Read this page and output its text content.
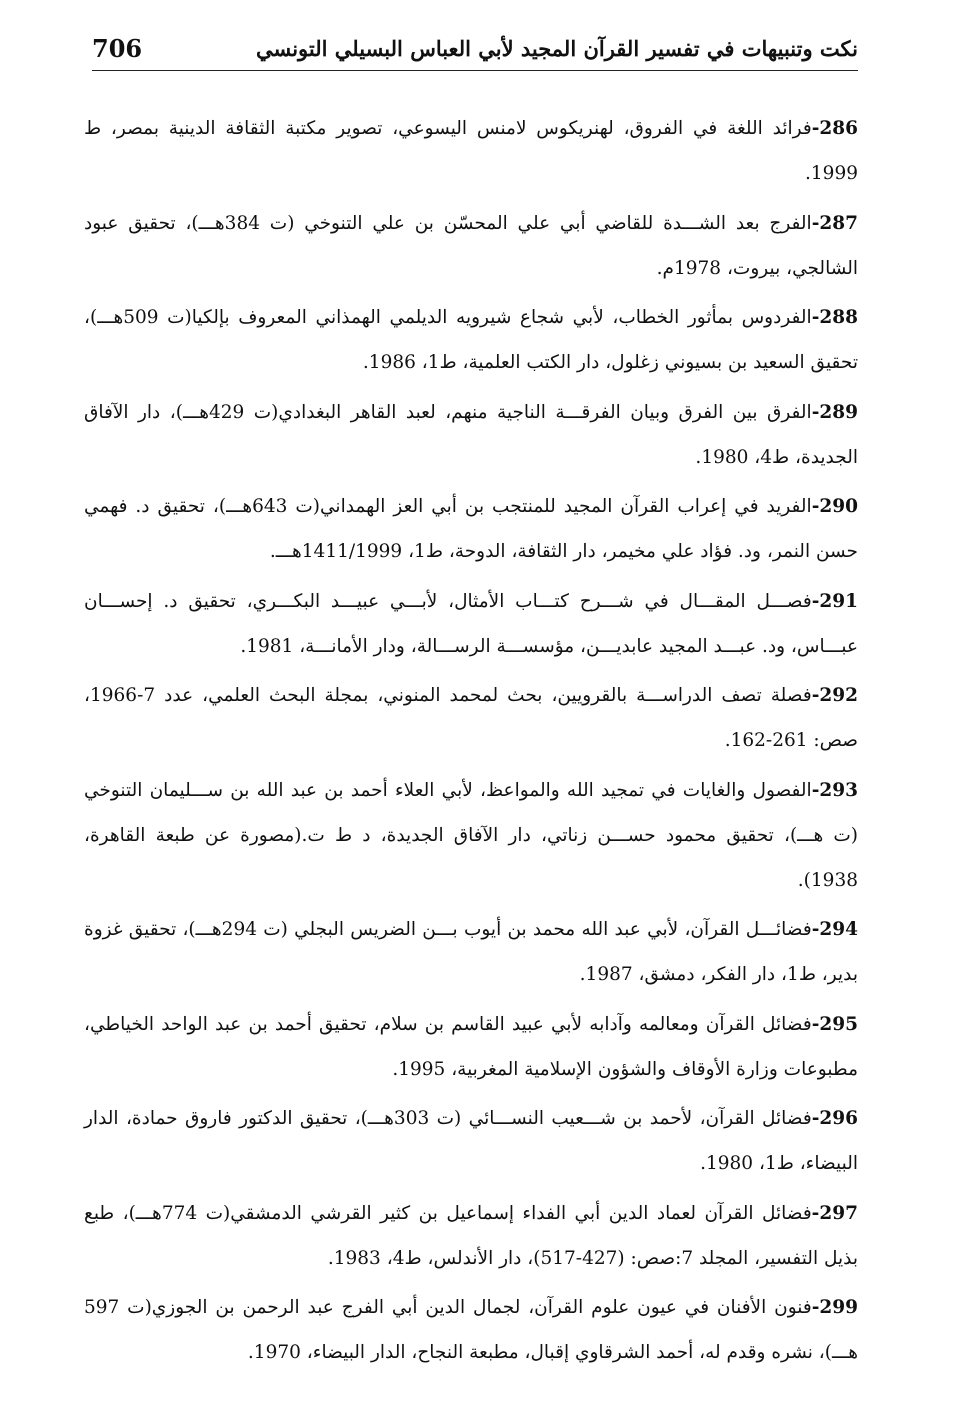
706	نكت وتنبيهات في تفسير القرآن المجيد لأبي العباس البسيلي التونسي

286-فرائد اللغة في الفروق، لهنريكوس لامنس اليسوعي، تصوير مكتبة الثقافة الدينية بمصر، ط 1999.

287-الفرج بعد الشـــدة للقاضي أبي علي المحسّن بن علي التنوخي (ت 384هـــ)، تحقيق عبود الشالجي، بيروت، 1978م.

288-الفردوس بمأثور الخطاب، لأبي شجاع شيرويه الديلمي الهمذاني المعروف بإلكيا(ت 509هـــ)، تحقيق السعيد بن بسيوني زغلول، دار الكتب العلمية، ط1، 1986.

289-الفرق بين الفرق وبيان الفرقـــة الناجية منهم، لعبد القاهر البغدادي(ت 429هـــ)، دار الآفاق الجديدة، ط4، 1980.

290-الفريد في إعراب القرآن المجيد للمنتجب بن أبي العز الهمداني(ت 643هـــ)، تحقيق د. فهمي حسن النمر، ود. فؤاد علي مخيمر، دار الثقافة، الدوحة، ط1، 1411/1999هـــ.

291-فصـــل المقـــال في شـــرح كتـــاب الأمثال، لأبـــي عبيـــد البكـــري، تحقيق د. إحســـان عبـــاس، ود. عبـــد المجيد عابديـــن، مؤسســـة الرســـالة، ودار الأمانـــة، 1981.

292-فصلة تصف الدراســـة بالقرويين، بحث لمحمد المنوني، بمجلة البحث العلمي، عدد 7-1966، صص: 261-162.

293-الفصول والغايات في تمجيد الله والمواعظ، لأبي العلاء أحمد بن عبد الله بن ســـليمان التنوخي (ت هـــ)، تحقيق محمود حســـن زناتي، دار الآفاق الجديدة، د ط ت.(مصورة عن طبعة القاهرة، 1938).

294-فضائـــل القرآن، لأبي عبد الله محمد بن أيوب بـــن الضريس البجلي (ت 294هـــ)، تحقيق غزوة بدير، ط1، دار الفكر، دمشق، 1987.

295-فضائل القرآن ومعالمه وآدابه لأبي عبيد القاسم بن سلام، تحقيق أحمد بن عبد الواحد الخياطي، مطبوعات وزارة الأوقاف والشؤون الإسلامية المغربية، 1995.

296-فضائل القرآن، لأحمد بن شـــعيب النســـائي (ت 303هـــ)، تحقيق الدكتور فاروق حمادة، الدار البيضاء، ط1، 1980.

297-فضائل القرآن لعماد الدين أبي الفداء إسماعيل بن كثير القرشي الدمشقي(ت 774هـــ)، طبع بذيل التفسير، المجلد 7:صص: (427-517)، دار الأندلس، ط4، 1983.

299-فنون الأفنان في عيون علوم القرآن، لجمال الدين أبي الفرج عبد الرحمن بن الجوزي(ت 597 هـــ)، نشره وقدم له، أحمد الشرقاوي إقبال، مطبعة النجاح، الدار البيضاء، 1970.
